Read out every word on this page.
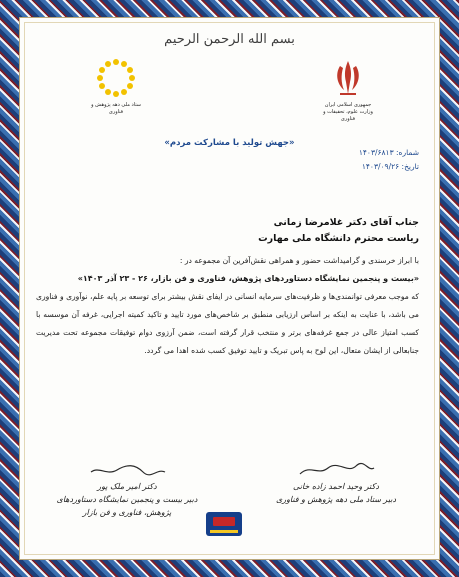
بسم الله الرحمن الرحیم
جمهوری اسلامی ایران
وزارت علوم، تحقیقات و فناوری
ستاد ملی دهه پژوهش و فناوری
«جهش تولید با مشارکت مردم»
شماره: ۱۴۰۳/۶۸۱۳
تاریخ: ۱۴۰۳/۰۹/۲۶
جناب آقای دکتر غلامرضا زمانی
ریاست محترم دانشگاه ملی مهارت
با ابراز خرسندی و گرامیداشت حضور و همراهی نقش‌آفرین آن مجموعه در :
«بیست و پنجمین نمایشگاه دستاوردهای پژوهش، فناوری و فن بازار، ۲۶ - ۲۳ آذر ۱۴۰۳»
که موجب معرفی توانمندی‌ها و ظرفیت‌های سرمایه انسانی در ایفای نقش بیشتر برای توسعه بر پایه علم، نوآوری و فناوری می باشد، با عنایت به اینکه بر اساس ارزیابی منطبق بر شاخص‌های مورد تایید و تاکید کمیته اجرایی، غرفه آن موسسه با کسب امتیاز عالی در جمع غرفه‌های برتر و منتخب قرار گرفته است، ضمن آرزوی دوام توفیقات مجموعه تحت مدیریت جنابعالی از ایشان متعال، این لوح به پاس تبریک و تایید توفیق کسب شده اهدا می گردد.
دکتر وحید احمد زاده خانی
دبیر ستاد ملی دهه پژوهش و فناوری
دکتر امیر ملک پور
دبیر بیست و پنجمین نمایشگاه دستاوردهای پژوهش، فناوری و فن بازار
